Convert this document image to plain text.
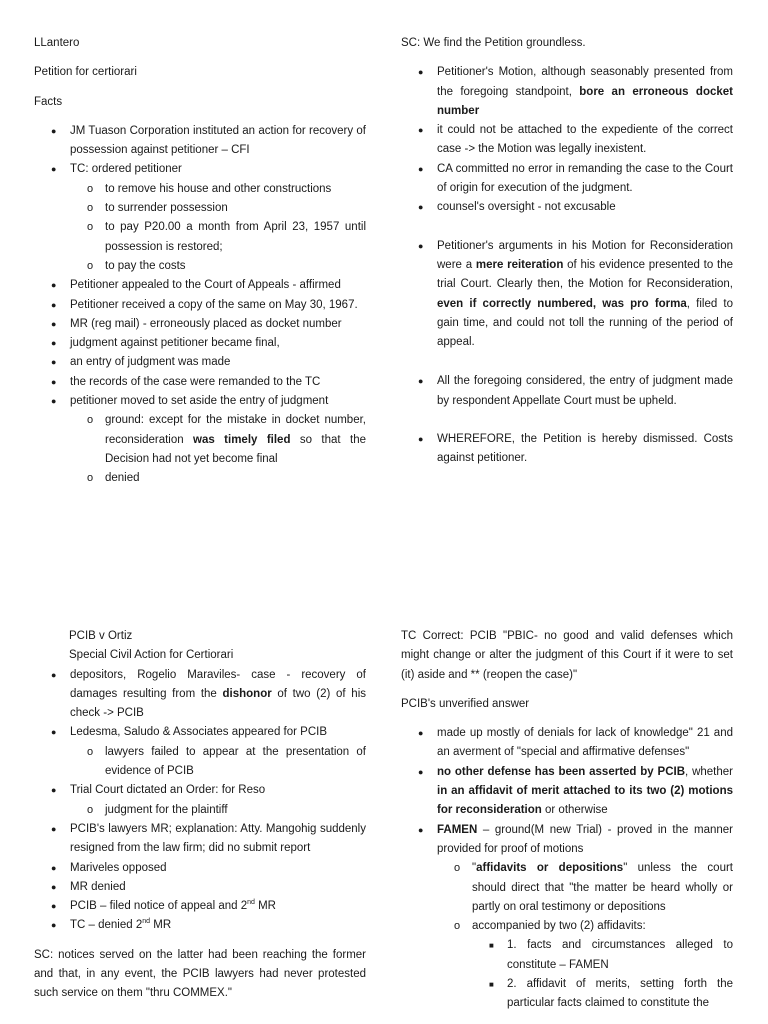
LLantero

Petition for certiorari

Facts

● JM Tuason Corporation instituted an action for recovery of possession against petitioner – CFI
● TC: ordered petitioner
o to remove his house and other constructions
o to surrender possession
o to pay P20.00 a month from April 23, 1957 until possession is restored;
o to pay the costs
● Petitioner appealed to the Court of Appeals - affirmed
● Petitioner received a copy of the same on May 30, 1967.
● MR (reg mail) - erroneously placed as docket number
● judgment against petitioner became final,
● an entry of judgment was made
● the records of the case were remanded to the TC
● petitioner moved to set aside the entry of judgment
o ground: except for the mistake in docket number, reconsideration was timely filed so that the Decision had not yet become final
o denied

SC: We find the Petition groundless.

● Petitioner's Motion, although seasonably presented from the foregoing standpoint, bore an erroneous docket number
● it could not be attached to the expediente of the correct case -> the Motion was legally inexistent.
● CA committed no error in remanding the case to the Court of origin for execution of the judgment.
● counsel's oversight - not excusable
● Petitioner's arguments in his Motion for Reconsideration were a mere reiteration of his evidence presented to the trial Court. Clearly then, the Motion for Reconsideration, even if correctly numbered, was pro forma, filed to gain time, and could not toll the running of the period of appeal.
● All the foregoing considered, the entry of judgment made by respondent Appellate Court must be upheld.
● WHEREFORE, the Petition is hereby dismissed. Costs against petitioner.
PCIB v Ortiz
Special Civil Action for Certiorari
● depositors, Rogelio Maraviles- case - recovery of damages resulting from the dishonor of two (2) of his check -> PCIB
● Ledesma, Saludo & Associates appeared for PCIB
o lawyers failed to appear at the presentation of evidence of PCIB
● Trial Court dictated an Order: for Reso
o judgment for the plaintiff
● PCIB's lawyers MR; explanation: Atty. Mangohig suddenly resigned from the law firm; did no submit report
● Mariveles opposed
● MR denied
● PCIB – filed notice of appeal and 2nd MR
● TC – denied 2nd MR

SC: notices served on the latter had been reaching the former and that, in any event, the PCIB lawyers had never protested such service on them "thru COMMEX."

TC Correct: PCIB "PBIC- no good and valid defenses which might change or alter the judgment of this Court if it were to set (it) aside and ** (reopen the case)"

PCIB's unverified answer

● made up mostly of denials for lack of knowledge" 21 and an averment of "special and affirmative defenses"
● no other defense has been asserted by PCIB, whether in an affidavit of merit attached to its two (2) motions for reconsideration or otherwise
● FAMEN – ground(M new Trial) - proved in the manner provided for proof of motions
o "affidavits or depositions" unless the court should direct that "the matter be heard wholly or partly on oral testimony or depositions
o accompanied by two (2) affidavits:
■ 1. facts and circumstances alleged to constitute – FAMEN
■ 2. affidavit of merits, setting forth the particular facts claimed to constitute the
